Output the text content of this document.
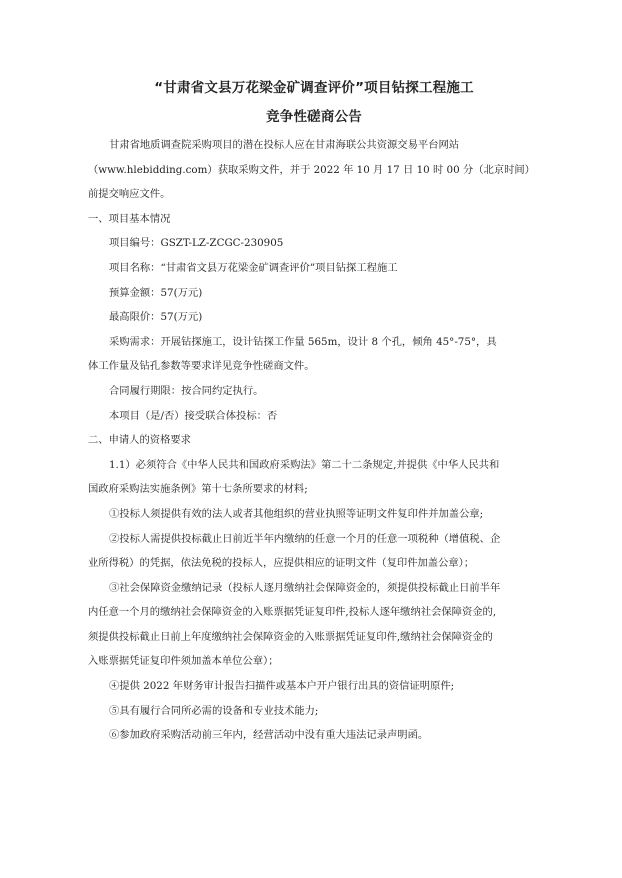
“甘肃省文县万花梁金矿调查评价”项目钻探工程施工
竞争性磋商公告

甘肃省地质调查院采购项目的潜在投标人应在甘肃海联公共资源交易平台网站

（www.hlebidding.com）获取采购文件，并于 2022 年 10 月 17 日 10 时 00 分（北京时间）

前提交响应文件。

一、项目基本情况

项目编号：GSZT-LZ-ZCGC-230905

项目名称：“甘肃省文县万花梁金矿调查评价”项目钻探工程施工

预算金额：57(万元)

最高限价：57(万元)

采购需求：开展钻探施工，设计钻探工作量 565m，设计 8 个孔，倾角 45°-75°，具

体工作量及钻孔参数等要求详见竞争性磋商文件。

合同履行期限：按合同约定执行。

本项目（是/否）接受联合体投标：否

二、申请人的资格要求

1.1）必须符合《中华人民共和国政府采购法》第二十二条规定,并提供《中华人民共和

国政府采购法实施条例》第十七条所要求的材料;

①投标人须提供有效的法人或者其他组织的营业执照等证明文件复印件并加盖公章;

②投标人需提供投标截止日前近半年内缴纳的任意一个月的任意一项税种（增值税、企

业所得税）的凭据，依法免税的投标人，应提供相应的证明文件（复印件加盖公章）；

③社会保障资金缴纳记录（投标人逐月缴纳社会保障资金的，须提供投标截止日前半年

内任意一个月的缴纳社会保障资金的入账票据凭证复印件,投标人逐年缴纳社会保障资金的,

须提供投标截止日前上年度缴纳社会保障资金的入账票据凭证复印件,缴纳社会保障资金的

入账票据凭证复印件须加盖本单位公章）；

④提供 2022 年财务审计报告扫描件或基本户开户银行出具的资信证明原件;

⑤具有履行合同所必需的设备和专业技术能力;

⑥参加政府采购活动前三年内，经营活动中没有重大违法记录声明函。
